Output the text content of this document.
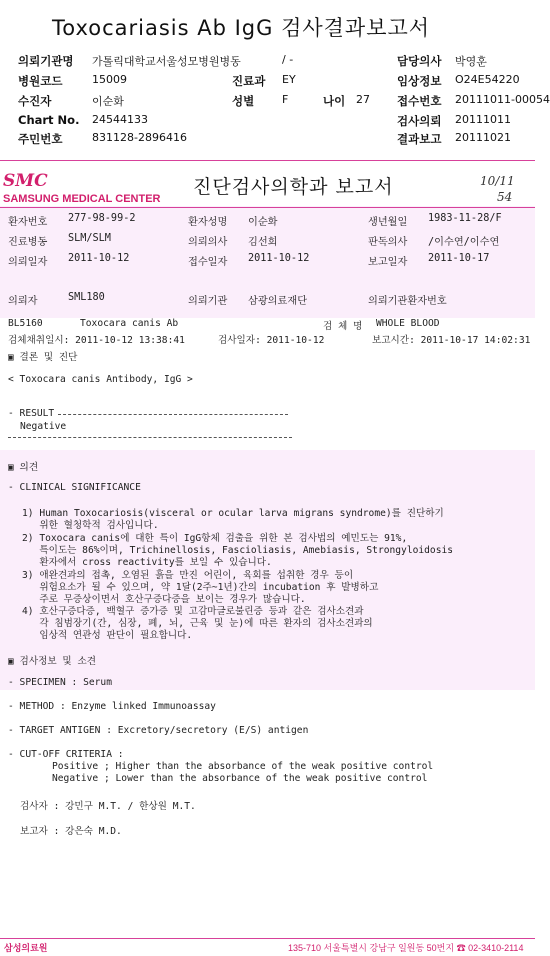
Toxocariasis Ab IgG 검사결과보고서
의뢰기관명 가톨릭대학교서울성모병원병동	/ -	담당의사 박영훈
병원코드	15009	진료과 EY	임상정보 O24E54220
수진자	이순화	성별	F	나이 27 접수번호 20111011-00054
Chart No. 24544133	검사의뢰 20111011
주민번호	831128-2896416	결과보고 20111021
SMC
SAMSUNG MEDICAL CENTER
진단검사의학과 보고서	10/11
54
환자번호 277-98-99-2	환자성명 이순화	생년월일 1983-11-28/F
진료병동 SLM/SLM	의뢰의사 김선희	판독의사 /이수연/이수연
의뢰일자 2011-10-12	접수일자 2011-10-12	보고일자 2011-10-17
의뢰자	SML180	의뢰기관 삼광의료재단	의뢰기관환자번호
BL5160	Toxocara canis Ab	검 체 명 WHOLE BLOOD
검체채취일시: 2011-10-12 13:38:41	검사일자: 2011-10-12	보고시간: 2011-10-17 14:02:31
▣ 결론 및 진단
< Toxocara canis Antibody, IgG >
- RESULT
Negative
▣ 의견
- CLINICAL SIGNIFICANCE
1) Human Toxocariosis(visceral or ocular larva migrans syndrome)를 진단하기
위한 혈청학적 검사입니다.
2) Toxocara canis에 대한 특이 IgG항체 검출을 위한 본 검사법의 예민도는 91%,
특이도는 86%이며, Trichinellosis, Fascioliasis, Amebiasis, Strongyloidosis
환자에서 cross reactivity를 보일 수 있습니다.
3) 애완견과의 접촉, 오염된 흙을 만진 어린이, 육회를 섭취한 경우 등이
위험요소가 될 수 있으며, 약 1달(2주~1년)간의 incubation 후 발병하고
주로 무증상이면서 호산구증다증을 보이는 경우가 많습니다.
4) 호산구증다증, 백혈구 증가증 및 고감마글로불린증 등과 같은 검사소견과
각 침범장기(간, 심장, 폐, 뇌, 근육 및 눈)에 따른 환자의 검사소견과의
임상적 연관성 판단이 필요합니다.
▣ 검사정보 및 소견
- SPECIMEN : Serum
- METHOD : Enzyme linked Immunoassay
- TARGET ANTIGEN : Excretory/secretory (E/S) antigen
- CUT-OFF CRITERIA :
Positive ; Higher than the absorbance of the weak positive control
Negative ; Lower than the absorbance of the weak positive control
검사자 : 강민구 M.T. / 한상원 M.T.
보고자 : 강은숙 M.D.
삼성의료원	135-710 서울특별시 강남구 일원동 50번지 ☎ 02-3410-2114
